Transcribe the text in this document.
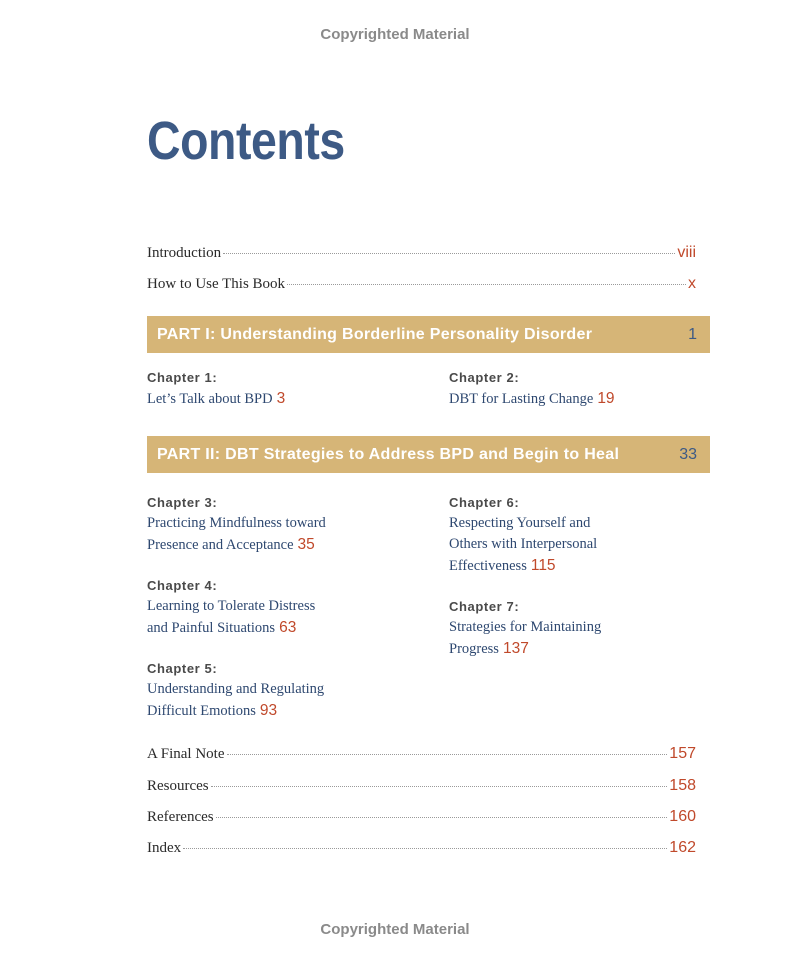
Copyrighted Material
Contents
Introduction	viii
How to Use This Book	x
PART I: Understanding Borderline Personality Disorder	1
Chapter 1:
Let’s Talk about BPD 3
Chapter 2:
DBT for Lasting Change 19
PART II: DBT Strategies to Address BPD and Begin to Heal	33
Chapter 3:
Practicing Mindfulness toward
Presence and Acceptance 35
Chapter 4:
Learning to Tolerate Distress
and Painful Situations 63
Chapter 5:
Understanding and Regulating
Difficult Emotions 93
Chapter 6:
Respecting Yourself and
Others with Interpersonal
Effectiveness 115
Chapter 7:
Strategies for Maintaining
Progress 137
A Final Note	157
Resources	158
References	160
Index	162
Copyrighted Material
